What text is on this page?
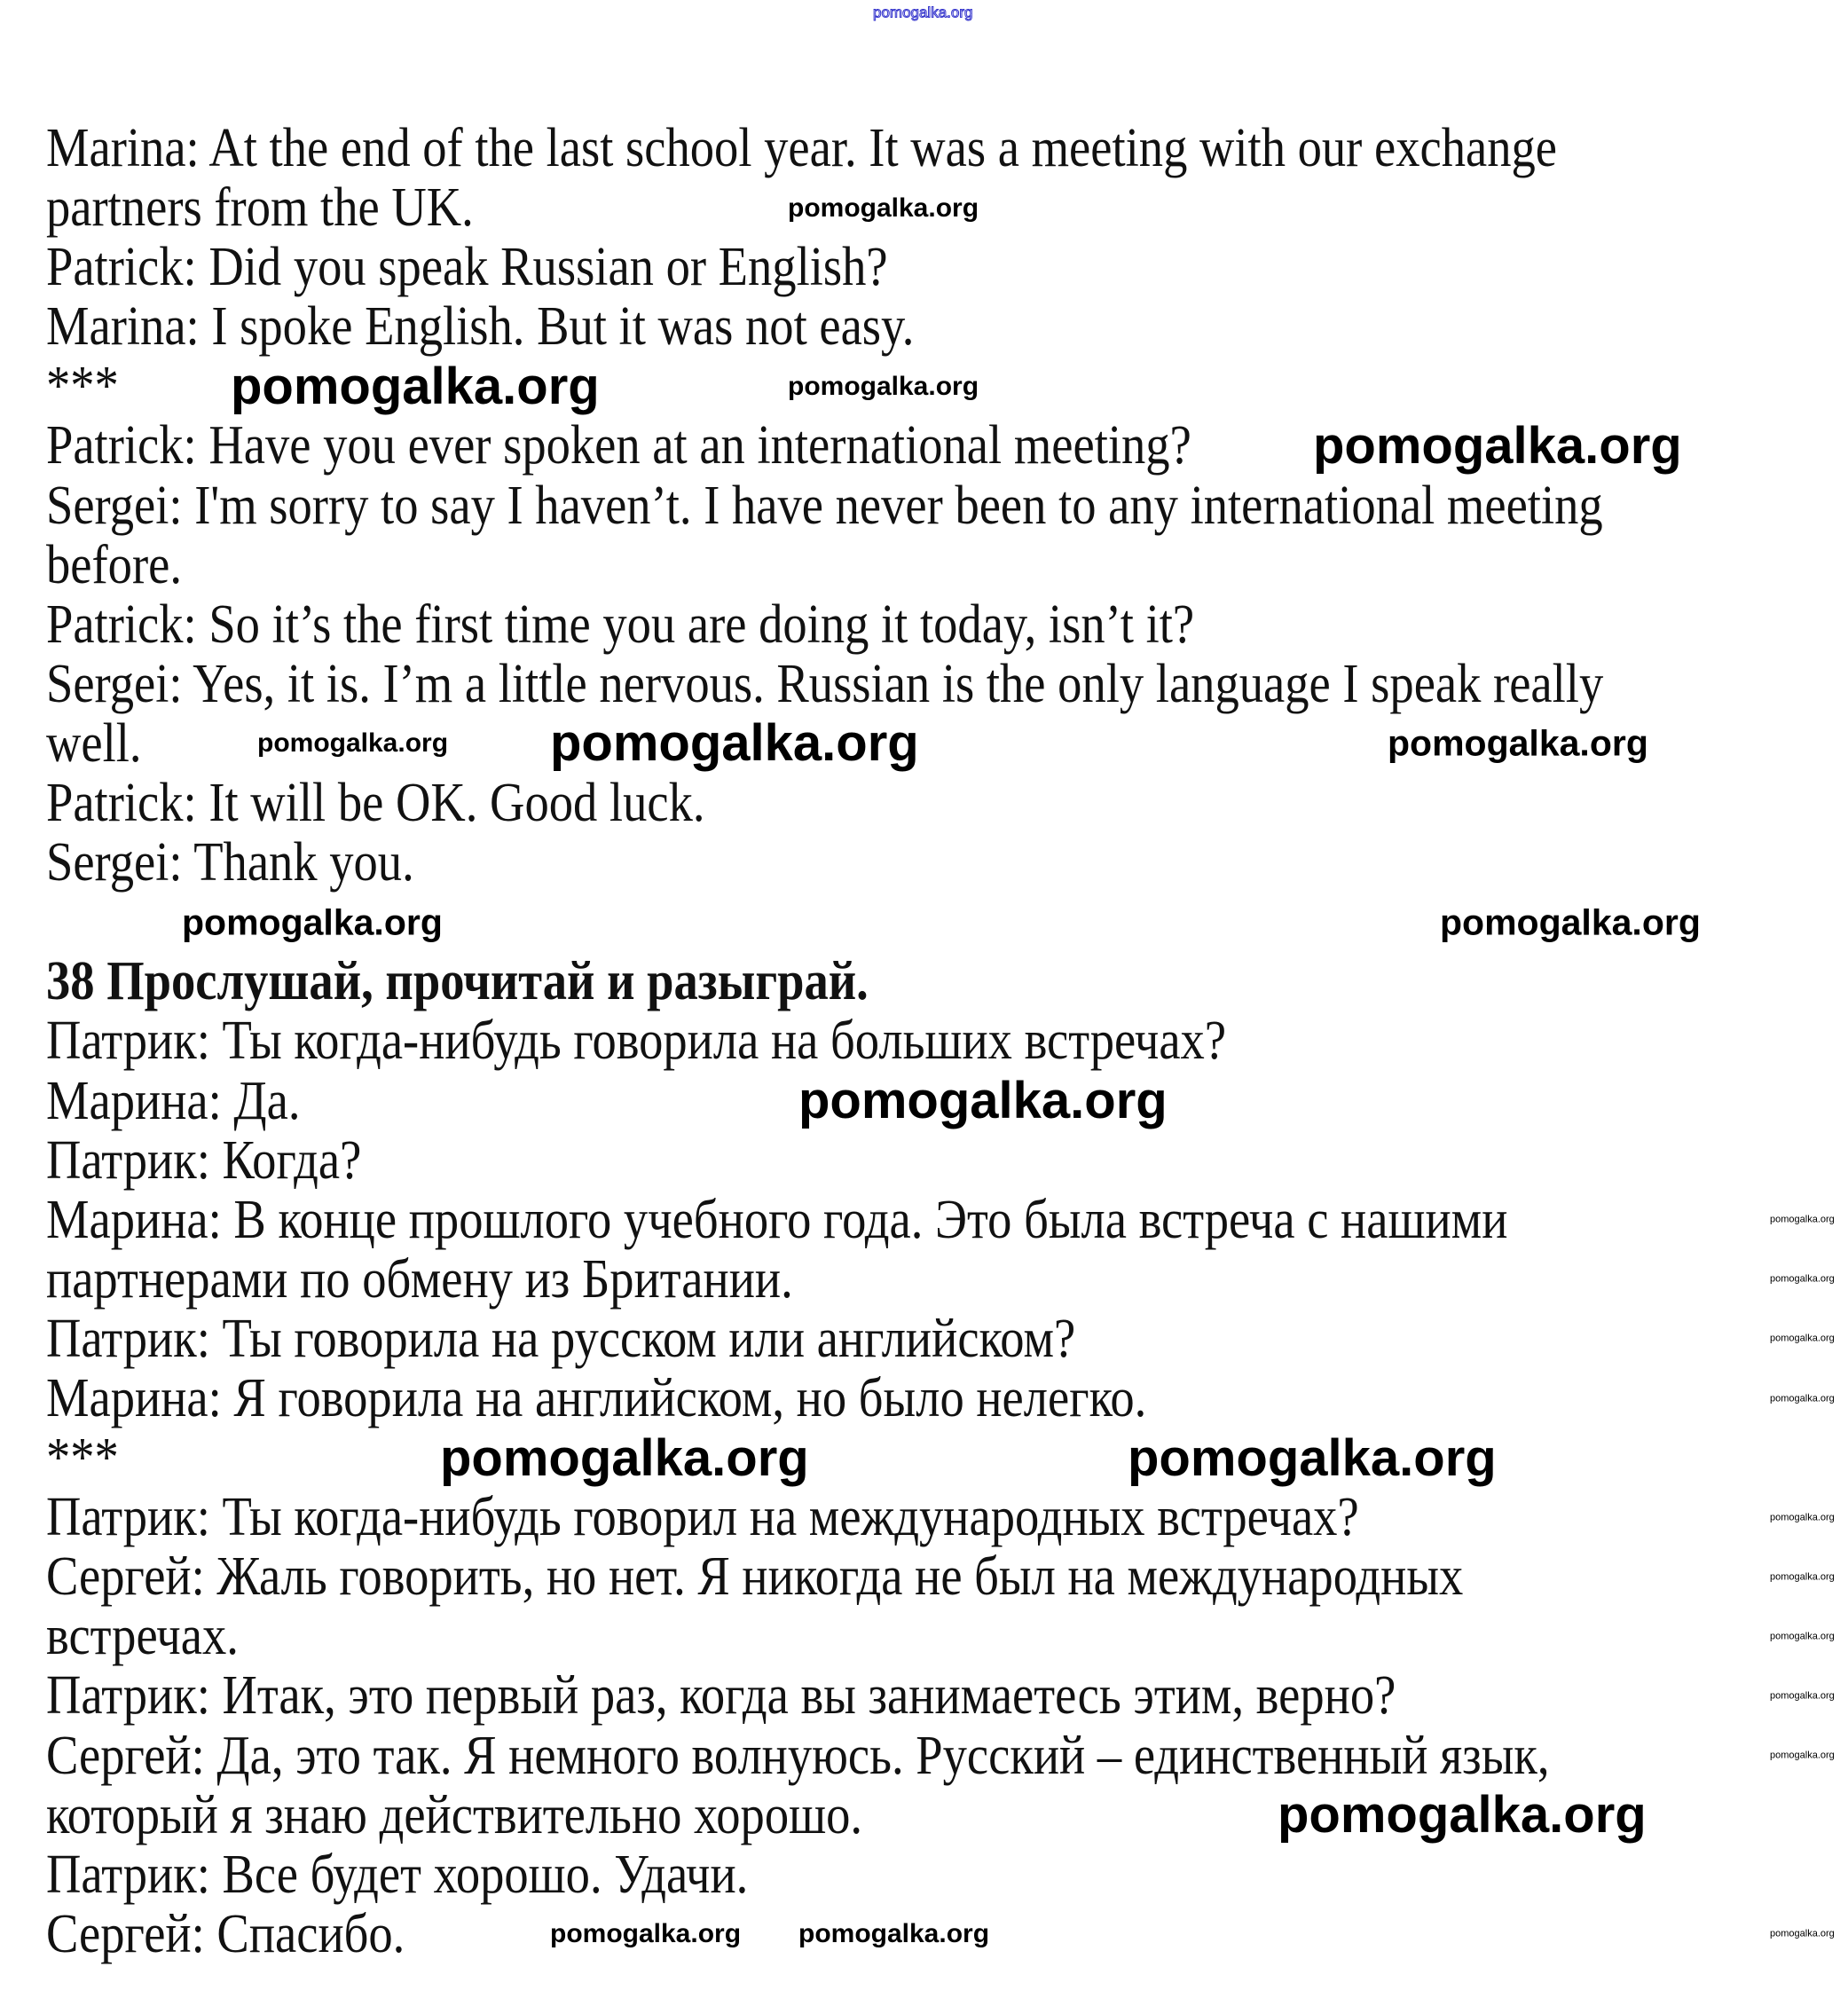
Marina: At the end of the last school year. It was a meeting with our exchange
partners from the UK.
Patrick: Did you speak Russian or English?
Marina: I spoke English. But it was not easy.
***
Patrick: Have you ever spoken at an international meeting?
Sergei: I'm sorry to say I haven’t. I have never been to any international meeting
before.
Patrick: So it’s the first time you are doing it today, isn’t it?
Sergei: Yes, it is. I’m a little nervous. Russian is the only language I speak really
well.
Patrick: It will be OK. Good luck.
Sergei: Thank you.
38 Прослушай, прочитай и разыграй.
Патрик: Ты когда-нибудь говорила на больших встречах?
Марина: Да.
Патрик: Когда?
Марина: В конце прошлого учебного года. Это была встреча с нашими
партнерами по обмену из Британии.
Патрик: Ты говорила на русском или английском?
Марина: Я говорила на английском, но было нелегко.
***
Патрик: Ты когда-нибудь говорил на международных встречах?
Сергей: Жаль говорить, но нет. Я никогда не был на международных
встречах.
Патрик: Итак, это первый раз, когда вы занимаетесь этим, верно?
Сергей: Да, это так. Я немного волнуюсь. Русский – единственный язык,
который я знаю действительно хорошо.
Патрик: Все будет хорошо. Удачи.
Сергей: Спасибо.
pomogalka.org
pomogalka.org
pomogalka.org
pomogalka.org
pomogalka.org
pomogalka.org	pomogalka.org
pomogalka.org
pomogalka.org	pomogalka.org
pomogalka.org
pomogalka.org
pomogalka.org
pomogalka.org
pomogalka.org pomogalka.org
pomogalka.org
pomogalka.org
pomogalka.org
pomogalka.org
pomogalka.org
pomogalka.org
pomogalka.org
pomogalka.org
pomogalka.org
pomogalka.org
